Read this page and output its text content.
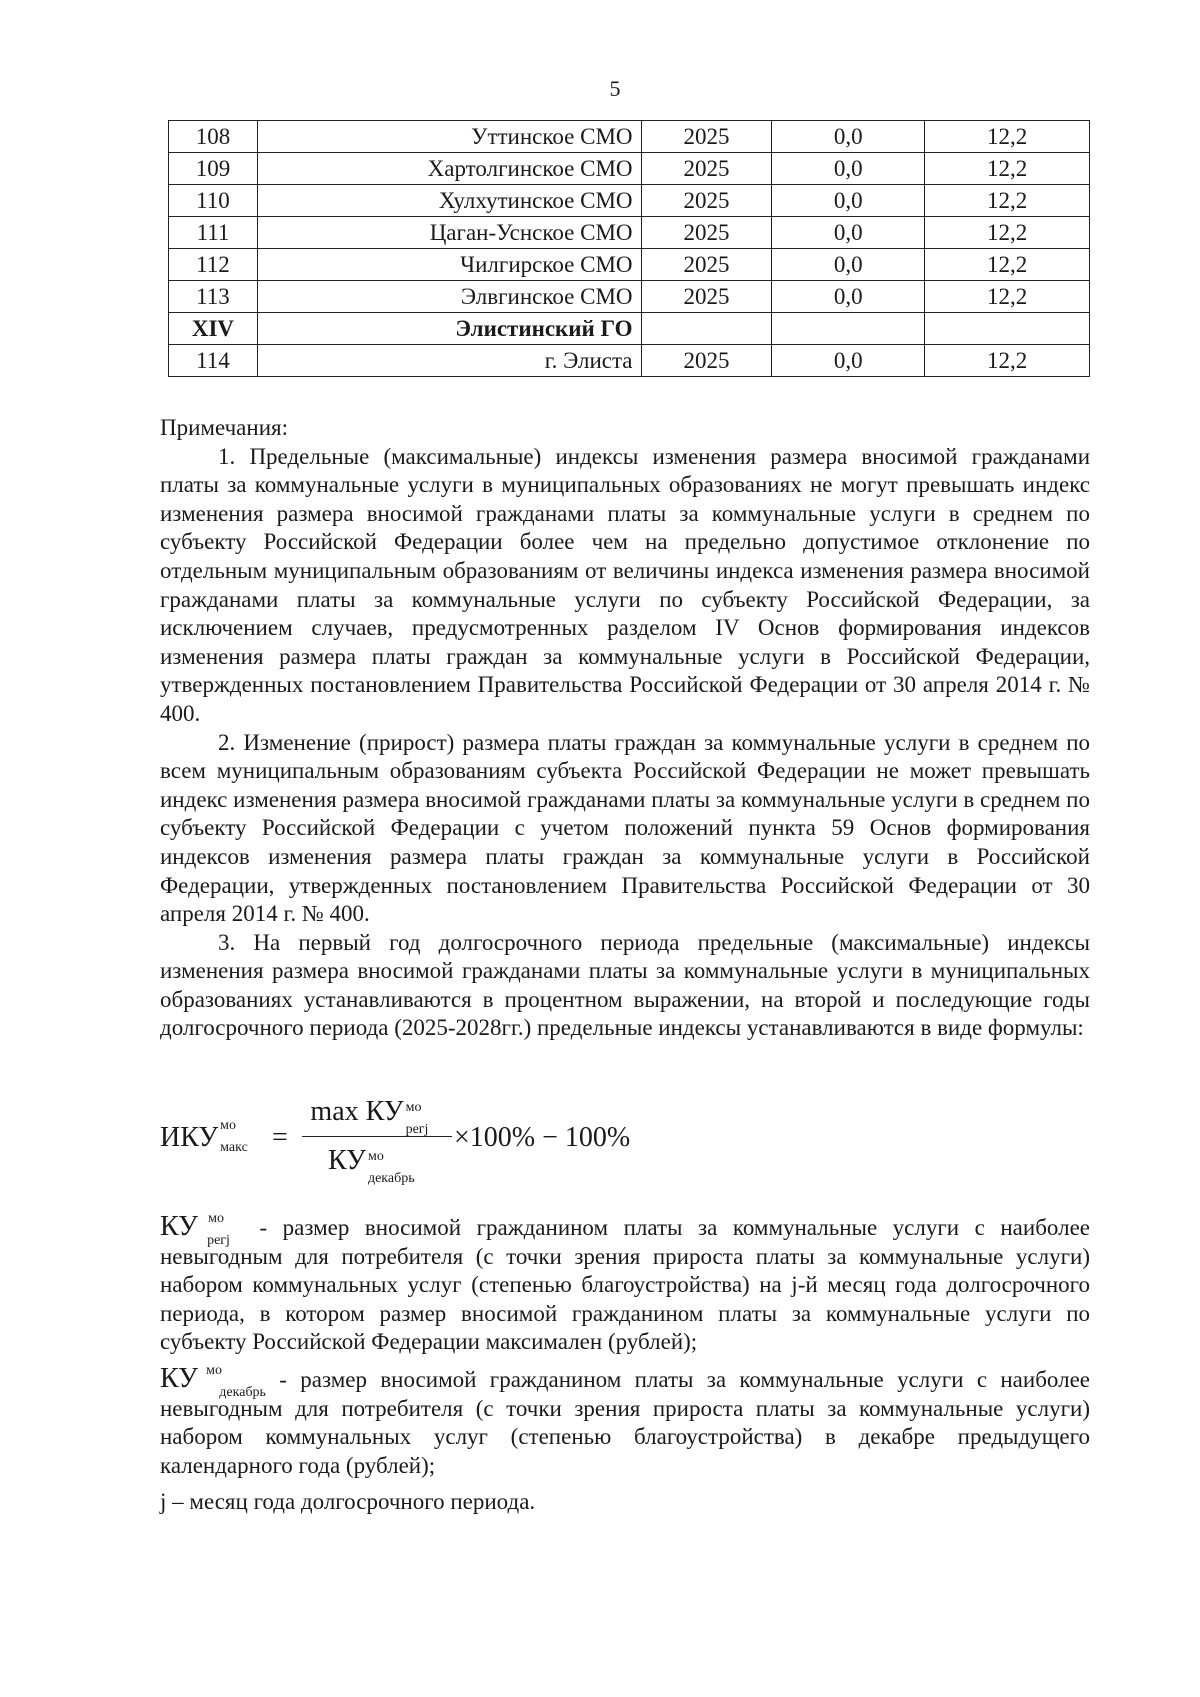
5
108	Уттинское СМО	2025	0,0	12,2
109	Хартолгинское СМО	2025	0,0	12,2
110	Хулхутинское СМО	2025	0,0	12,2
111	Цаган-Уснское СМО	2025	0,0	12,2
112	Чилгирское СМО	2025	0,0	12,2
113	Элвгинское СМО	2025	0,0	12,2
XIV	Элистинский ГО			
114	г. Элиста	2025	0,0	12,2

Примечания:

1. Предельные (максимальные) индексы изменения размера вносимой гражданами платы за коммунальные услуги в муниципальных образованиях не могут превышать индекс изменения размера вносимой гражданами платы за коммунальные услуги в среднем по субъекту Российской Федерации более чем на предельно допустимое отклонение по отдельным муниципальным образованиям от величины индекса изменения размера вносимой гражданами платы за коммунальные услуги по субъекту Российской Федерации, за исключением случаев, предусмотренных разделом IV Основ формирования индексов изменения размера платы граждан за коммунальные услуги в Российской Федерации, утвержденных постановлением Правительства Российской Федерации от 30 апреля 2014 г. № 400.

2. Изменение (прирост) размера платы граждан за коммунальные услуги в среднем по всем муниципальным образованиям субъекта Российской Федерации не может превышать индекс изменения размера вносимой гражданами платы за коммунальные услуги в среднем по субъекту Российской Федерации с учетом положений пункта 59 Основ формирования индексов изменения размера платы граждан за коммунальные услуги в Российской Федерации, утвержденных постановлением Правительства Российской Федерации от 30 апреля 2014 г. № 400.

3. На первый год долгосрочного периода предельные (максимальные) индексы изменения размера вносимой гражданами платы за коммунальные услуги в муниципальных образованиях устанавливаются в процентном выражении, на второй и последующие годы долгосрочного периода (2025-2028гг.) предельные индексы устанавливаются в виде формулы:

ИКУ мо
макс =
max КУ мо
регj
КУ мо
декабрь
×100% − 100%

КУ мо
регj
- размер вносимой гражданином платы за коммунальные услуги с наиболее невыгодным для потребителя (с точки зрения прироста платы за коммунальные услуги) набором коммунальных услуг (степенью благоустройства) на j-й месяц года долгосрочного периода, в котором размер вносимой гражданином платы за коммунальные услуги по субъекту Российской Федерации максимален (рублей);

КУ мо
декабрь
- размер вносимой гражданином платы за коммунальные услуги с наиболее невыгодным для потребителя (с точки зрения прироста платы за коммунальные услуги) набором коммунальных услуг (степенью благоустройства) в декабре предыдущего календарного года (рублей);

j – месяц года долгосрочного периода.
